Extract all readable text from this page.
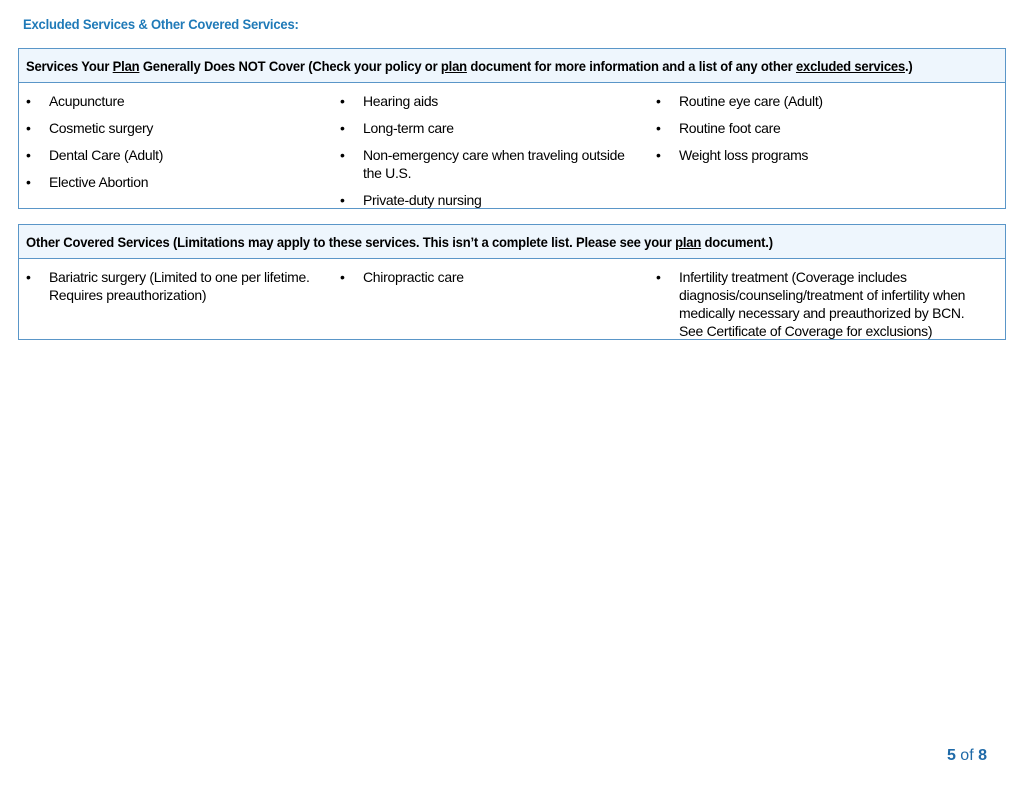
Excluded Services & Other Covered Services:
Services Your Plan Generally Does NOT Cover (Check your policy or plan document for more information and a list of any other excluded services.)
• Acupuncture
• Cosmetic surgery
• Dental Care (Adult)
• Elective Abortion
• Hearing aids
• Long-term care
• Non-emergency care when traveling outside the U.S.
• Private-duty nursing
• Routine eye care (Adult)
• Routine foot care
• Weight loss programs
Other Covered Services (Limitations may apply to these services. This isn’t a complete list. Please see your plan document.)
• Bariatric surgery (Limited to one per lifetime. Requires preauthorization)
• Chiropractic care	• Infertility treatment (Coverage includes diagnosis/counseling/treatment of infertility when medically necessary and preauthorized by BCN. See Certificate of Coverage for exclusions)
5 of 8
